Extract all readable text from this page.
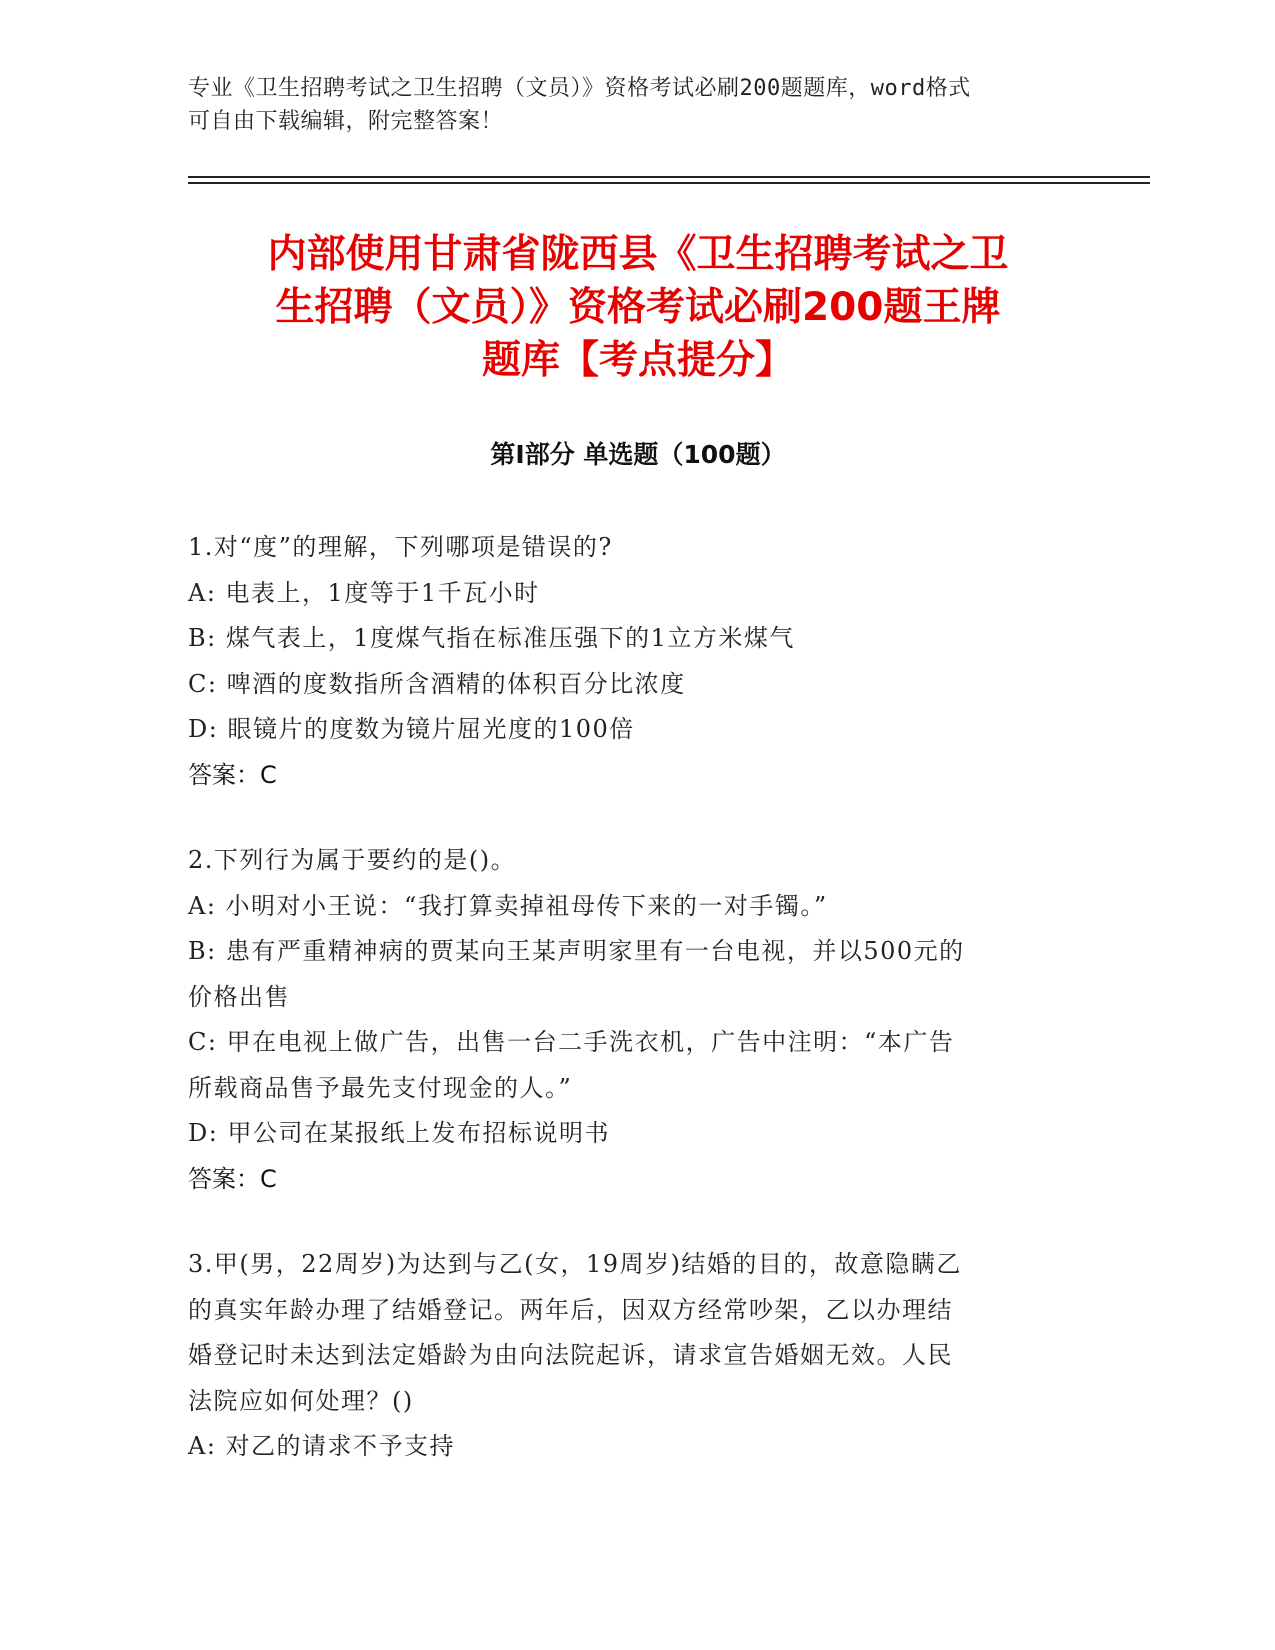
专业《卫生招聘考试之卫生招聘（文员）》资格考试必刷200题题库，word格式
可自由下载编辑，附完整答案！
内部使用甘肃省陇西县《卫生招聘考试之卫
生招聘（文员）》资格考试必刷200题王牌
题库【考点提分】
第Ⅰ部分 单选题（100题）
1.对“度”的理解，下列哪项是错误的?
A: 电表上，1度等于1千瓦小时
B: 煤气表上，1度煤气指在标准压强下的1立方米煤气
C: 啤酒的度数指所含酒精的体积百分比浓度
D: 眼镜片的度数为镜片屈光度的100倍
答案：C
2.下列行为属于要约的是()。
A: 小明对小王说：“我打算卖掉祖母传下来的一对手镯。”
B: 患有严重精神病的贾某向王某声明家里有一台电视，并以500元的
价格出售
C: 甲在电视上做广告，出售一台二手洗衣机，广告中注明：“本广告
所载商品售予最先支付现金的人。”
D: 甲公司在某报纸上发布招标说明书
答案：C
3.甲(男，22周岁)为达到与乙(女，19周岁)结婚的目的，故意隐瞒乙
的真实年龄办理了结婚登记。两年后，因双方经常吵架，乙以办理结
婚登记时未达到法定婚龄为由向法院起诉，请求宣告婚姻无效。人民
法院应如何处理？()
A: 对乙的请求不予支持
